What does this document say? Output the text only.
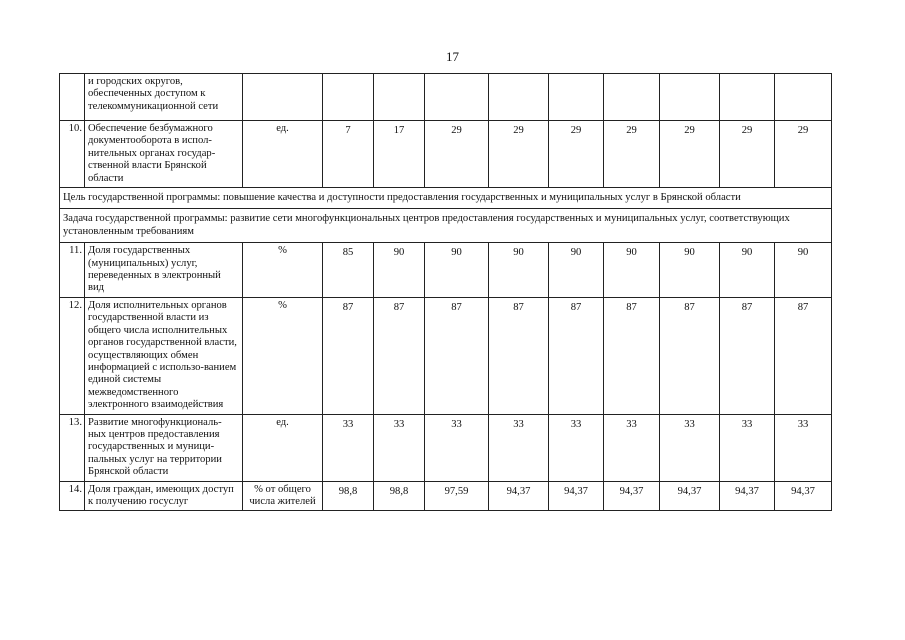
17
	и городских округов, обеспеченных доступом к телекоммуникационной сети										
10.	Обеспечение безбумажного документооборота в испол-нительных органах государ-ственной власти Брянской области	ед.	7	17	29	29	29	29	29	29	29
Цель государственной программы: повышение качества и доступности предоставления государственных и муниципальных услуг в Брянской области											
Задача государственной программы: развитие сети многофункциональных центров предоставления государственных и муниципальных услуг, соответствующих установленным требованиям											
11.	Доля государственных (муниципальных) услуг, переведенных в электронный вид	%	85	90	90	90	90	90	90	90	90
12.	Доля исполнительных органов государственной власти из общего числа исполнительных органов государственной власти, осуществляющих обмен информацией с использо-ванием единой системы межведомственного электронного взаимодействия	%	87	87	87	87	87	87	87	87	87
13.	Развитие многофункциональ-ных центров предоставления государственных и муници-пальных услуг на территории Брянской области	ед.	33	33	33	33	33	33	33	33	33
14.	Доля граждан, имеющих доступ к получению госуслуг	% от общего числа жителей	98,8	98,8	97,59	94,37	94,37	94,37	94,37	94,37	94,37
